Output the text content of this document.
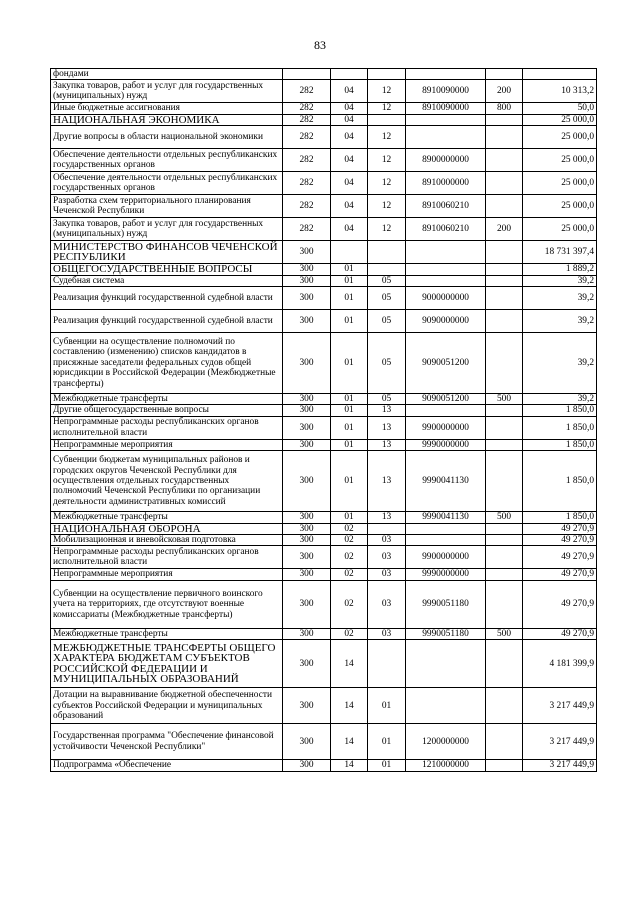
83
фондами						
Закупка товаров, работ и услуг для государственных (муниципальных) нужд	282	04	12	8910090000	200	10 313,2
Иные бюджетные ассигнования	282	04	12	8910090000	800	50,0
НАЦИОНАЛЬНАЯ ЭКОНОМИКА	282	04				25 000,0
Другие вопросы в области национальной экономики	282	04	12			25 000,0
Обеспечение деятельности отдельных республиканских государственных органов	282	04	12	8900000000		25 000,0
Обеспечение деятельности отдельных республиканских государственных органов	282	04	12	8910000000		25 000,0
Разработка схем территориального планирования Чеченской Республики	282	04	12	8910060210		25 000,0
Закупка товаров, работ и услуг для государственных (муниципальных) нужд	282	04	12	8910060210	200	25 000,0
МИНИСТЕРСТВО ФИНАНСОВ ЧЕЧЕНСКОЙ РЕСПУБЛИКИ	300					18 731 397,4
ОБЩЕГОСУДАРСТВЕННЫЕ ВОПРОСЫ	300	01				1 889,2
Судебная система	300	01	05			39,2
Реализация функций государственной судебной власти	300	01	05	9000000000		39,2
Реализация функций государственной судебной власти	300	01	05	9090000000		39,2
Субвенции на осуществление полномочий по составлению (изменению) списков кандидатов в присяжные заседатели федеральных судов общей юрисдикции в Российской Федерации (Межбюджетные трансферты)	300	01	05	9090051200		39,2
Межбюджетные трансферты	300	01	05	9090051200	500	39,2
Другие общегосударственные вопросы	300	01	13			1 850,0
Непрограммные расходы республиканских органов исполнительной власти	300	01	13	9900000000		1 850,0
Непрограммные мероприятия	300	01	13	9990000000		1 850,0
Субвенции бюджетам муниципальных районов и городских округов Чеченской Республики для осуществления отдельных государственных полномочий Чеченской Республики по организации деятельности административных комиссий	300	01	13	9990041130		1 850,0
Межбюджетные трансферты	300	01	13	9990041130	500	1 850,0
НАЦИОНАЛЬНАЯ ОБОРОНА	300	02				49 270,9
Мобилизационная и вневойсковая подготовка	300	02	03			49 270,9
Непрограммные расходы республиканских органов исполнительной власти	300	02	03	9900000000		49 270,9
Непрограммные мероприятия	300	02	03	9990000000		49 270,9
Субвенции на осуществление первичного воинского учета на территориях, где отсутствуют военные комиссариаты (Межбюджетные трансферты)	300	02	03	9990051180		49 270,9
Межбюджетные трансферты	300	02	03	9990051180	500	49 270,9
МЕЖБЮДЖЕТНЫЕ ТРАНСФЕРТЫ ОБЩЕГО ХАРАКТЕРА БЮДЖЕТАМ СУБЪЕКТОВ РОССИЙСКОЙ ФЕДЕРАЦИИ И МУНИЦИПАЛЬНЫХ ОБРАЗОВАНИЙ	300	14				4 181 399,9
Дотации на выравнивание бюджетной обеспеченности субъектов Российской Федерации и муниципальных образований	300	14	01			3 217 449,9
Государственная программа "Обеспечение финансовой устойчивости Чеченской Республики"	300	14	01	1200000000		3 217 449,9
Подпрограмма «Обеспечение	300	14	01	1210000000		3 217 449,9
